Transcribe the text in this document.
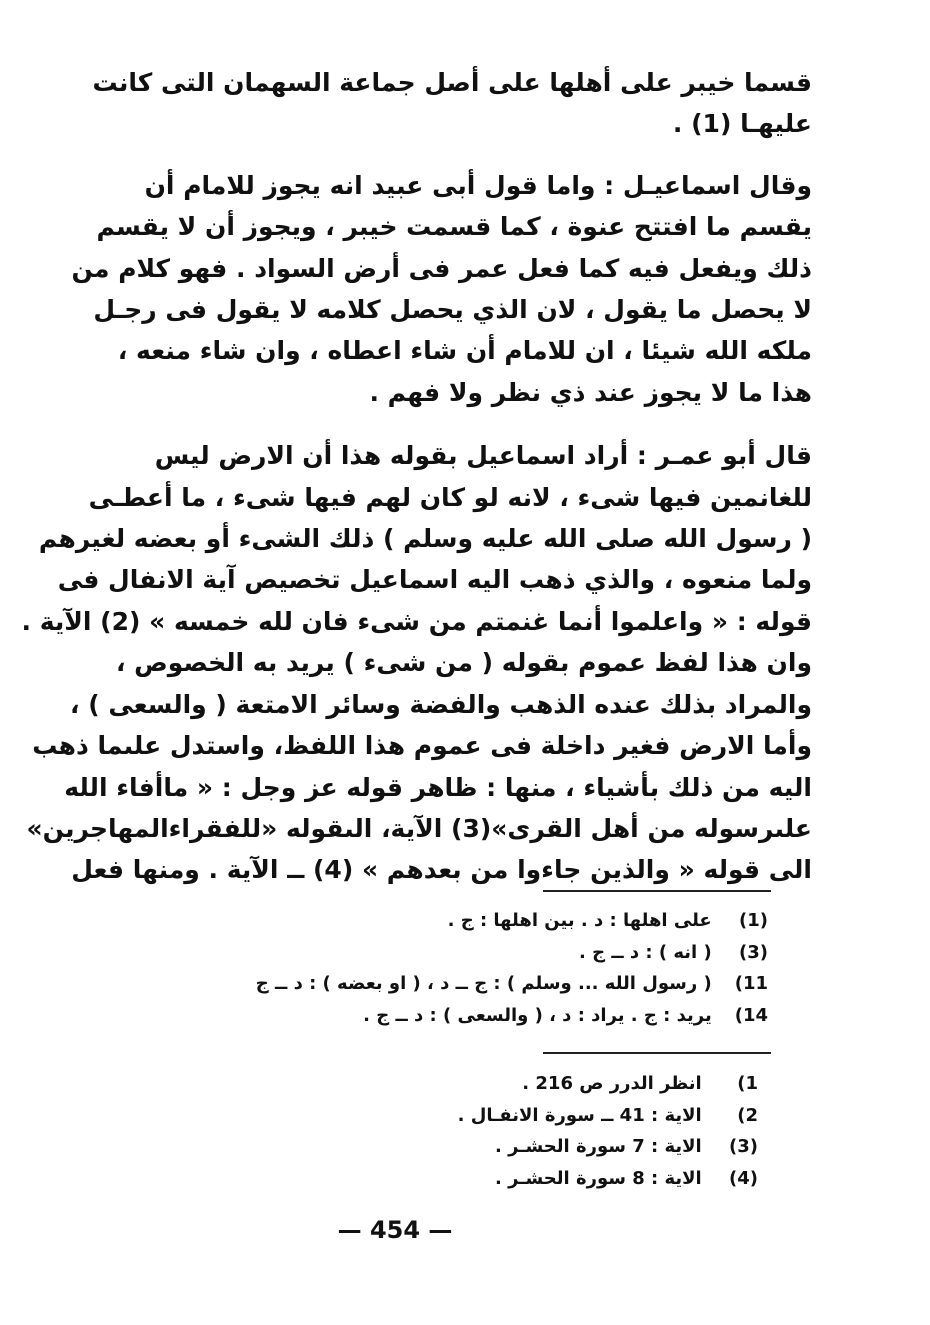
قسما خيبر على أهلها على أصل جماعة السهمان التى كانت
عليهـا (1) .
وقال اسماعيـل : واما قول أبى عبيد انه يجوز للامام أن
يقسم ما افتتح عنوة ، كما قسمت خيبر ، ويجوز أن لا يقسم
ذلك ويفعل فيه كما فعل عمر فى أرض السواد . فهو كلام من
لا يحصل ما يقول ، لان الذي يحصل كلامه لا يقول فى رجـل
ملكه الله شيئا ، ان للامام أن شاء اعطاه ، وان شاء منعه ،
هذا ما لا يجوز عند ذي نظر ولا فهم .
قال أبو عمـر : أراد اسماعيل بقوله هذا أن الارض ليس
للغانمين فيها شىء ، لانه لو كان لهم فيها شىء ، ما أعطـى
( رسول الله صلى الله عليه وسلم ) ذلك الشىء أو بعضه لغيرهم
ولما منعوه ، والذي ذهب اليه اسماعيل تخصيص آية الانفال فى
قوله : « واعلموا أنما غنمتم من شىء فان لله خمسه » (2) الآية .
وان هذا لفظ عموم بقوله ( من شىء ) يريد به الخصوص ،
والمراد بذلك عنده الذهب والفضة وسائر الامتعة ( والسعى ) ،
وأما الارض فغير داخلة فى عموم هذا اللفظ، واستدل علىما ذهب
اليه من ذلك بأشياء ، منها : ظاهر قوله عز وجل : « ماأفاء الله
علىرسوله من أهل القرى»(3) الآية، الىقوله «للفقراءالمهاجرين»
الى قوله « والذين جاءوا من بعدهم » (4) ــ الآية . ومنها فعل
(1) على اهلها : د . بين اهلها : ج .
(3) ( انه ) : د ــ ج .
11) ( رسول الله ... وسلم ) : ج ــ د ، ( او بعضه ) : د ــ ج
14) يريد : ج . يراد : د ، ( والسعى ) : د ــ ج .
1) انظر الدرر ص 216 .
2) الاية : 41 ــ سورة الانفـال .
(3) الاية : 7 سورة الحشـر .
(4) الاية : 8 سورة الحشـر .
— 454 —
